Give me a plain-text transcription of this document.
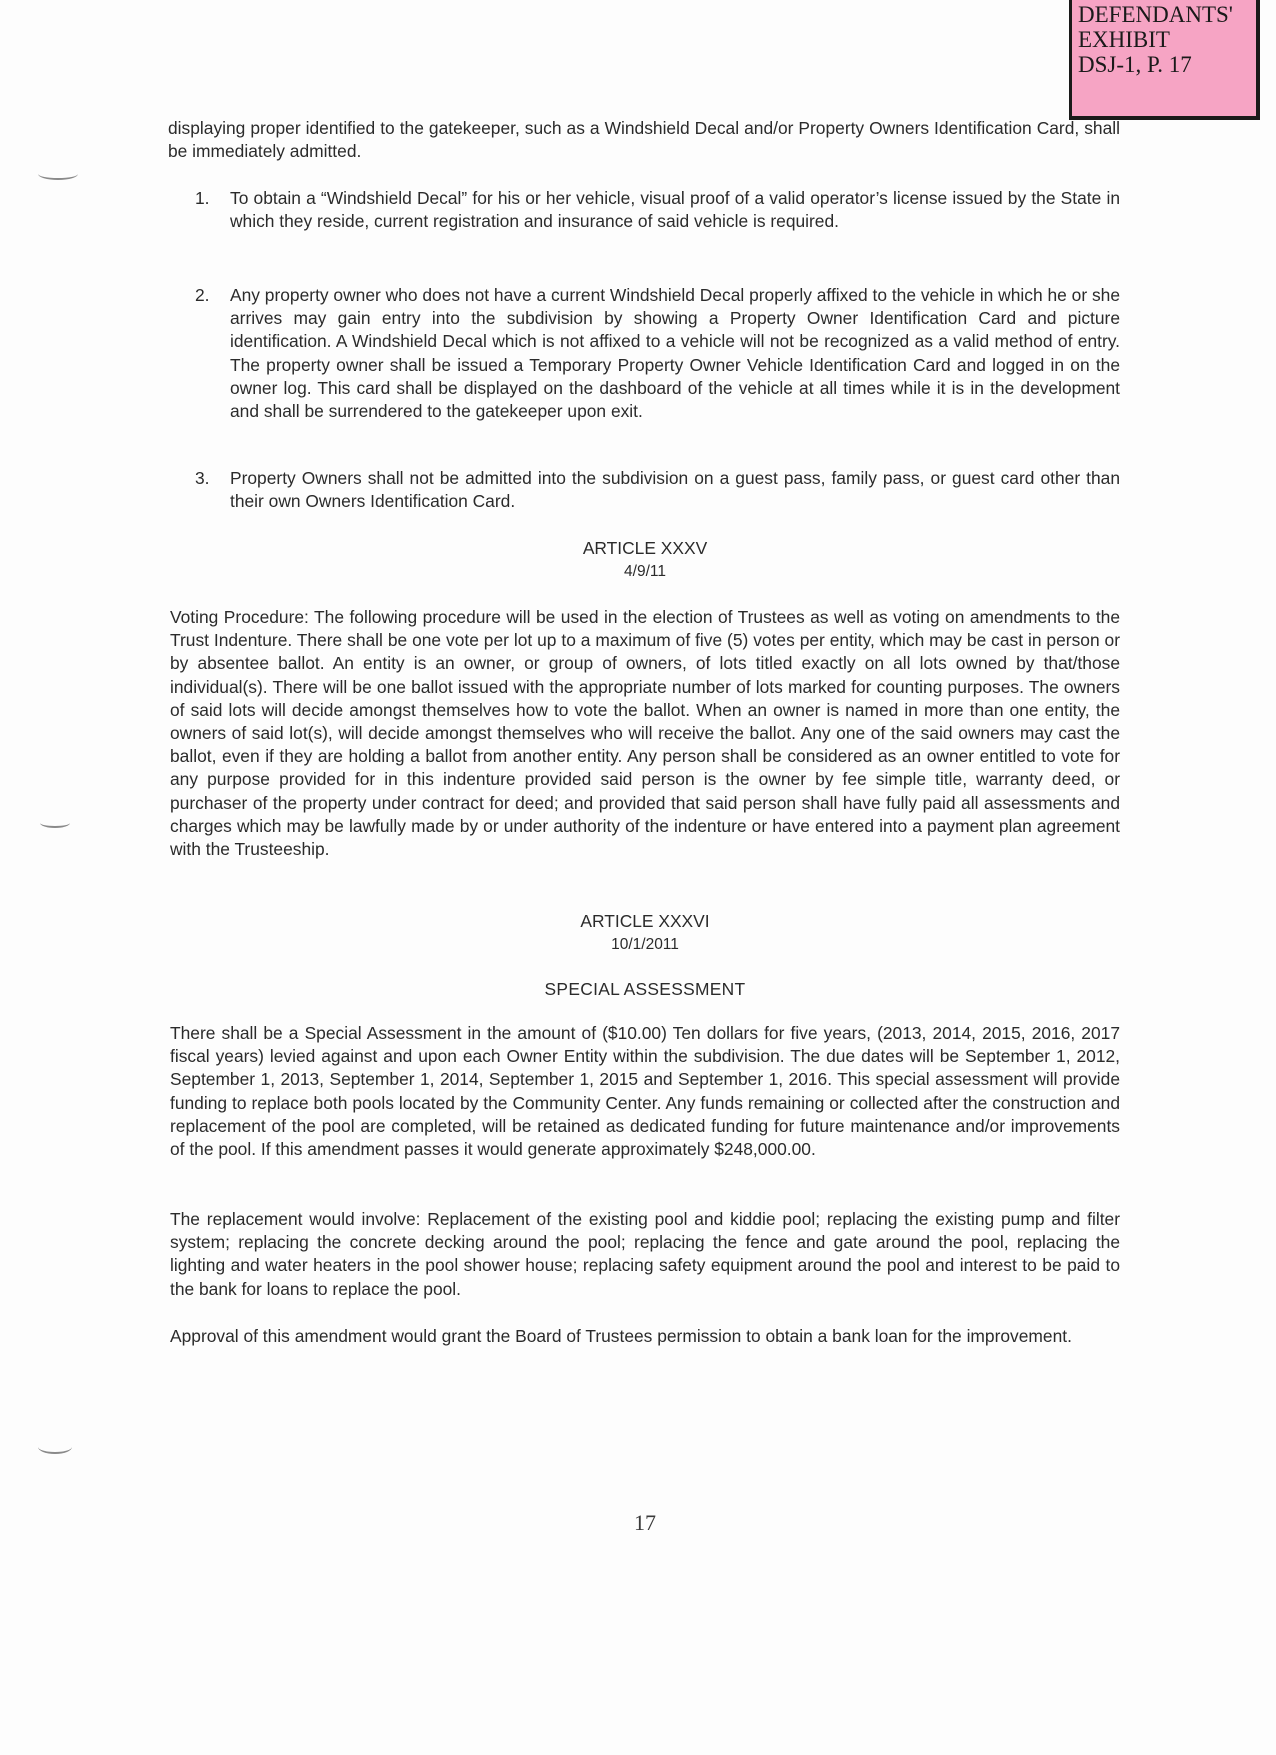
DEFENDANTS'
EXHIBIT
DSJ-1, P. 17
displaying proper identified to the gatekeeper, such as a Windshield Decal and/or Property Owners Identification Card, shall be immediately admitted.
1. To obtain a “Windshield Decal” for his or her vehicle, visual proof of a valid operator’s license issued by the State in which they reside, current registration and insurance of said vehicle is required.
2. Any property owner who does not have a current Windshield Decal properly affixed to the vehicle in which he or she arrives may gain entry into the subdivision by showing a Property Owner Identification Card and picture identification. A Windshield Decal which is not affixed to a vehicle will not be recognized as a valid method of entry. The property owner shall be issued a Temporary Property Owner Vehicle Identification Card and logged in on the owner log. This card shall be displayed on the dashboard of the vehicle at all times while it is in the development and shall be surrendered to the gatekeeper upon exit.
3. Property Owners shall not be admitted into the subdivision on a guest pass, family pass, or guest card other than their own Owners Identification Card.
ARTICLE XXXV
4/9/11
Voting Procedure: The following procedure will be used in the election of Trustees as well as voting on amendments to the Trust Indenture. There shall be one vote per lot up to a maximum of five (5) votes per entity, which may be cast in person or by absentee ballot. An entity is an owner, or group of owners, of lots titled exactly on all lots owned by that/those individual(s). There will be one ballot issued with the appropriate number of lots marked for counting purposes. The owners of said lots will decide amongst themselves how to vote the ballot. When an owner is named in more than one entity, the owners of said lot(s), will decide amongst themselves who will receive the ballot. Any one of the said owners may cast the ballot, even if they are holding a ballot from another entity. Any person shall be considered as an owner entitled to vote for any purpose provided for in this indenture provided said person is the owner by fee simple title, warranty deed, or purchaser of the property under contract for deed; and provided that said person shall have fully paid all assessments and charges which may be lawfully made by or under authority of the indenture or have entered into a payment plan agreement with the Trusteeship.
ARTICLE XXXVI
10/1/2011
SPECIAL ASSESSMENT
There shall be a Special Assessment in the amount of ($10.00) Ten dollars for five years, (2013, 2014, 2015, 2016, 2017 fiscal years) levied against and upon each Owner Entity within the subdivision. The due dates will be September 1, 2012, September 1, 2013, September 1, 2014, September 1, 2015 and September 1, 2016. This special assessment will provide funding to replace both pools located by the Community Center. Any funds remaining or collected after the construction and replacement of the pool are completed, will be retained as dedicated funding for future maintenance and/or improvements of the pool. If this amendment passes it would generate approximately $248,000.00.
The replacement would involve: Replacement of the existing pool and kiddie pool; replacing the existing pump and filter system; replacing the concrete decking around the pool; replacing the fence and gate around the pool, replacing the lighting and water heaters in the pool shower house; replacing safety equipment around the pool and interest to be paid to the bank for loans to replace the pool.
Approval of this amendment would grant the Board of Trustees permission to obtain a bank loan for the improvement.
17
